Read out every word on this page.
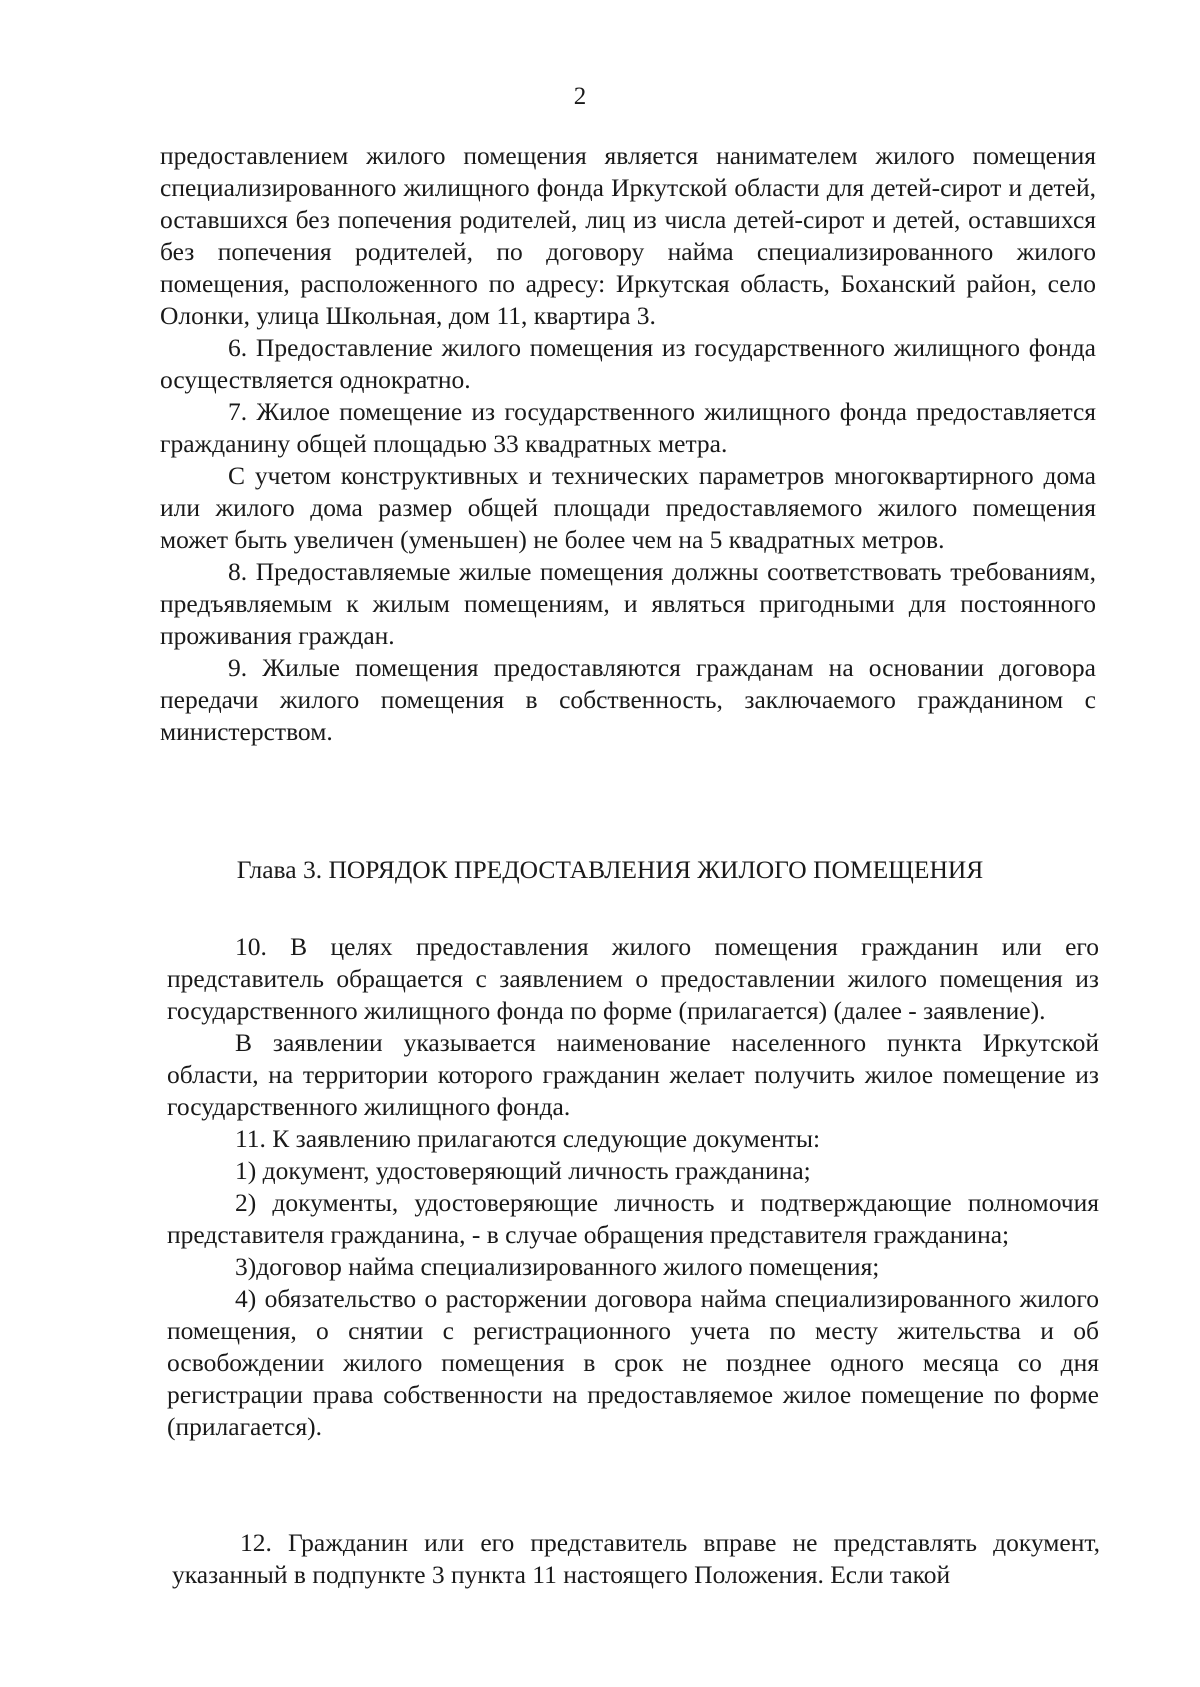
2

предоставлением жилого помещения является нанимателем жилого помещения специализированного жилищного фонда Иркутской области для детей-сирот и детей, оставшихся без попечения родителей, лиц из числа детей-сирот и детей, оставшихся без попечения родителей, по договору найма специализированного жилого помещения, расположенного по адресу: Иркутская область, Боханский район, село Олонки, улица Школьная, дом 11, квартира 3.

6. Предоставление жилого помещения из государственного жилищного фонда осуществляется однократно.

7. Жилое помещение из государственного жилищного фонда предоставляется гражданину общей площадью 33 квадратных метра.

С учетом конструктивных и технических параметров многоквартирного дома или жилого дома размер общей площади предоставляемого жилого помещения может быть увеличен (уменьшен) не более чем на 5 квадратных метров.

8. Предоставляемые жилые помещения должны соответствовать требованиям, предъявляемым к жилым помещениям, и являться пригодными для постоянного проживания граждан.

9. Жилые помещения предоставляются гражданам на основании договора передачи жилого помещения в собственность, заключаемого гражданином с министерством.

Глава 3. ПОРЯДОК ПРЕДОСТАВЛЕНИЯ ЖИЛОГО ПОМЕЩЕНИЯ

10. В целях предоставления жилого помещения гражданин или его представитель обращается с заявлением о предоставлении жилого помещения из государственного жилищного фонда по форме (прилагается) (далее - заявление).

В заявлении указывается наименование населенного пункта Иркутской области, на территории которого гражданин желает получить жилое помещение из государственного жилищного фонда.

11. К заявлению прилагаются следующие документы:

1) документ, удостоверяющий личность гражданина;

2) документы, удостоверяющие личность и подтверждающие полномочия представителя гражданина, - в случае обращения представителя гражданина;

3)договор найма специализированного жилого помещения;

4) обязательство о расторжении договора найма специализированного жилого помещения, о снятии с регистрационного учета по месту жительства и об освобождении жилого помещения в срок не позднее одного месяца со дня регистрации права собственности на предоставляемое жилое помещение по форме (прилагается).

12. Гражданин или его представитель вправе не представлять документ, указанный в подпункте 3 пункта 11 настоящего Положения. Если такой
